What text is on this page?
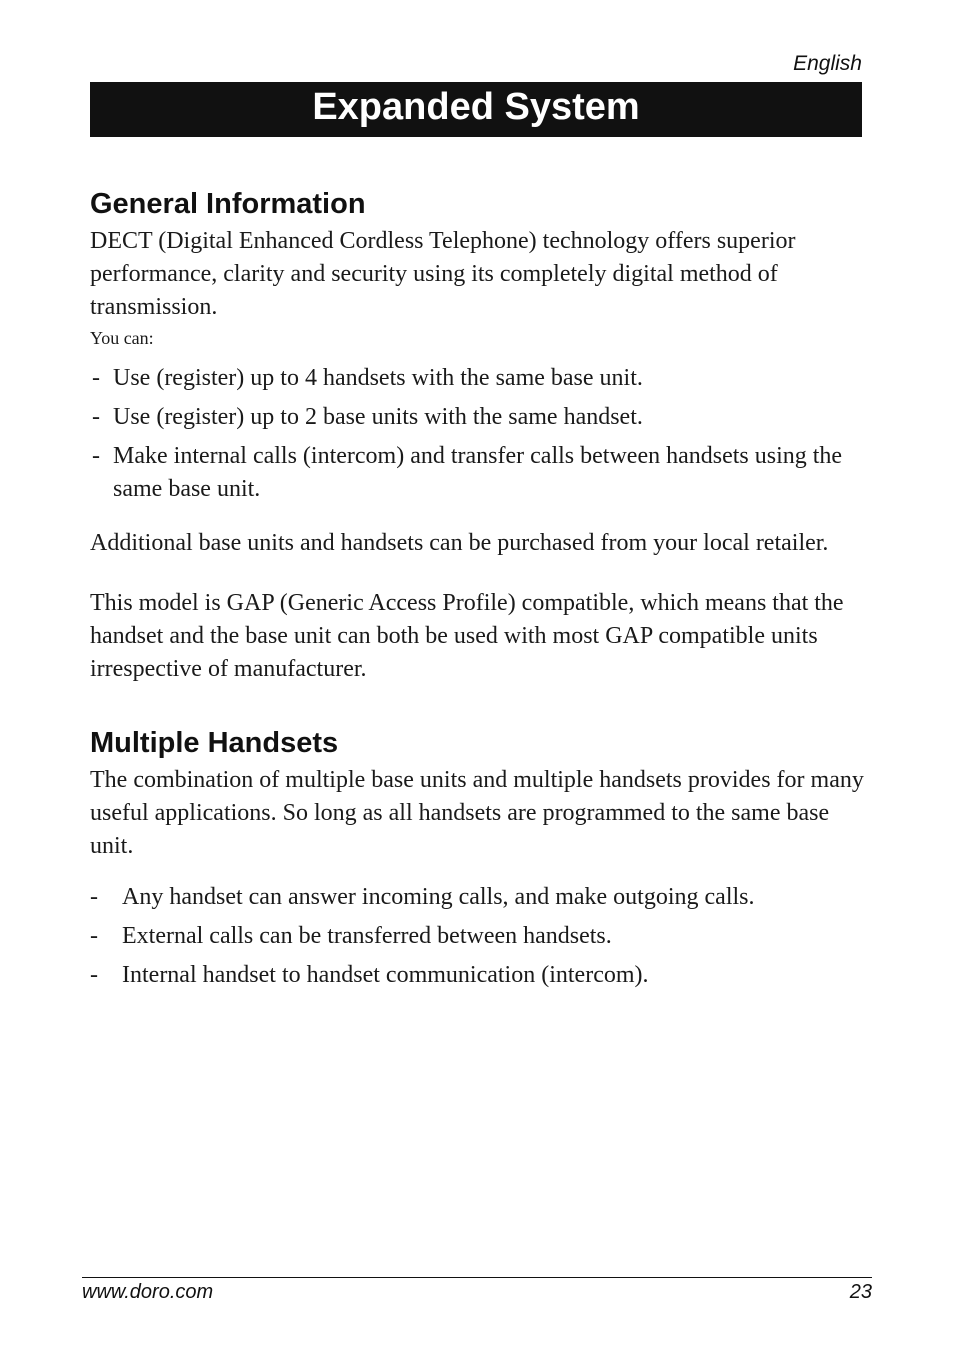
English
Expanded System
General Information

DECT (Digital Enhanced Cordless Telephone) technology offers superior performance, clarity and security using its completely digital method of transmission.

You can:

- Use (register) up to 4 handsets with the same base unit.
- Use (register) up to 2 base units with the same handset.
- Make internal calls (intercom) and transfer calls between handsets using the same base unit.

Additional base units and handsets can be purchased from your local retailer.

This model is GAP (Generic Access Profile) compatible, which means that the handset and the base unit can both be used with most GAP compatible units irrespective of manufacturer.

Multiple Handsets

The combination of multiple base units and multiple handsets provides for many useful applications. So long as all handsets are programmed to the same base unit.

- Any handset can answer incoming calls, and make outgoing calls.
- External calls can be transferred between handsets.
- Internal handset to handset communication (intercom).
www.doro.com	23
